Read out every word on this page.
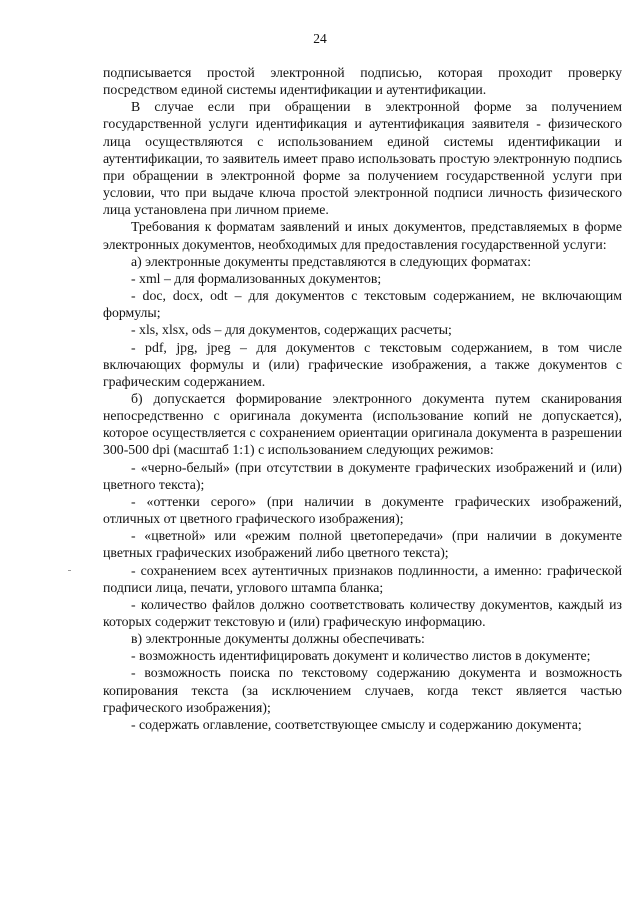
24

подписывается простой электронной подписью, которая проходит проверку посредством единой системы идентификации и аутентификации.

В случае если при обращении в электронной форме за получением государственной услуги идентификация и аутентификация заявителя - физического лица осуществляются с использованием единой системы идентификации и аутентификации, то заявитель имеет право использовать простую электронную подпись при обращении в электронной форме за получением государственной услуги при условии, что при выдаче ключа простой электронной подписи личность физического лица установлена при личном приеме.

Требования к форматам заявлений и иных документов, представляемых в форме электронных документов, необходимых для предоставления государственной услуги:

а) электронные документы представляются в следующих форматах:

- xml – для формализованных документов;

- doc, docx, odt – для документов с текстовым содержанием, не включающим формулы;

- xls, xlsx, ods – для документов, содержащих расчеты;

- pdf, jpg, jpeg – для документов с текстовым содержанием, в том числе включающих формулы и (или) графические изображения, а также документов с графическим содержанием.

б) допускается формирование электронного документа путем сканирования непосредственно с оригинала документа (использование копий не допускается), которое осуществляется с сохранением ориентации оригинала документа в разрешении 300-500 dpi (масштаб 1:1) с использованием следующих режимов:

- «черно-белый» (при отсутствии в документе графических изображений и (или) цветного текста);

- «оттенки серого» (при наличии в документе графических изображений, отличных от цветного графического изображения);

- «цветной» или «режим полной цветопередачи» (при наличии в документе цветных графических изображений либо цветного текста);

- сохранением всех аутентичных признаков подлинности, а именно: графической подписи лица, печати, углового штампа бланка;

- количество файлов должно соответствовать количеству документов, каждый из которых содержит текстовую и (или) графическую информацию.

в) электронные документы должны обеспечивать:

- возможность идентифицировать документ и количество листов в документе;

- возможность поиска по текстовому содержанию документа и возможность копирования текста (за исключением случаев, когда текст является частью графического изображения);

- содержать оглавление, соответствующее смыслу и содержанию документа;
